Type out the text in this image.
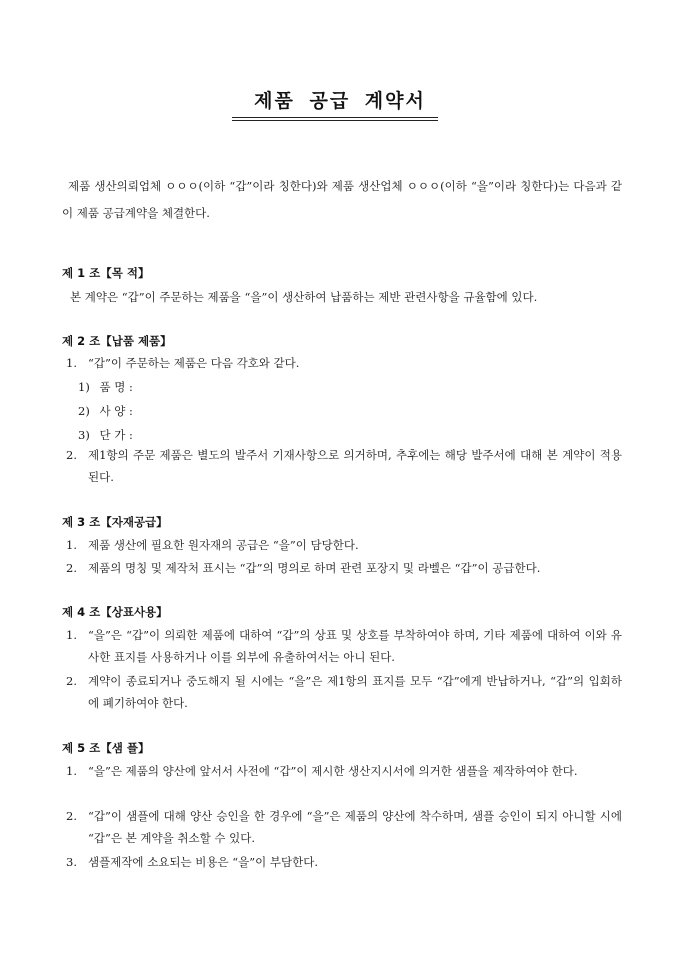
제품 공급 계약서
제품 생산의뢰업체 ㅇㅇㅇ(이하 “갑”이라 칭한다)와 제품 생산업체 ㅇㅇㅇ(이하 “을”이라 칭한다)는 다음과 같이 제품 공급계약을 체결한다.
제 1 조【목 적】
본 계약은 “갑”이 주문하는 제품을 “을”이 생산하여 납품하는 제반 관련사항을 규율함에 있다.
제 2 조【납품 제품】
1. “갑”이 주문하는 제품은 다음 각호와 같다.
1) 품 명 :
2) 사 양 :
3) 단 가 :
2. 제1항의 주문 제품은 별도의 발주서 기재사항으로 의거하며, 추후에는 해당 발주서에 대해 본 계약이 적용된다.
제 3 조【자재공급】
1. 제품 생산에 필요한 원자재의 공급은 “을”이 담당한다.
2. 제품의 명칭 및 제작처 표시는 “갑”의 명의로 하며 관련 포장지 및 라벨은 “갑”이 공급한다.
제 4 조【상표사용】
1. “을”은 “갑”이 의뢰한 제품에 대하여 “갑”의 상표 및 상호를 부착하여야 하며, 기타 제품에 대하여 이와 유사한 표지를 사용하거나 이를 외부에 유출하여서는 아니 된다.
2. 계약이 종료되거나 중도해지 될 시에는 “을”은 제1항의 표지를 모두 “갑”에게 반납하거나, “갑”의 입회하에 폐기하여야 한다.
제 5 조【샘 플】
1. “을”은 제품의 양산에 앞서서 사전에 “갑”이 제시한 생산지시서에 의거한 샘플을 제작하여야 한다.
2. “갑”이 샘플에 대해 양산 승인을 한 경우에 “을”은 제품의 양산에 착수하며, 샘플 승인이 되지 아니할 시에 “갑”은 본 계약을 취소할 수 있다.
3. 샘플제작에 소요되는 비용은 “을”이 부담한다.
